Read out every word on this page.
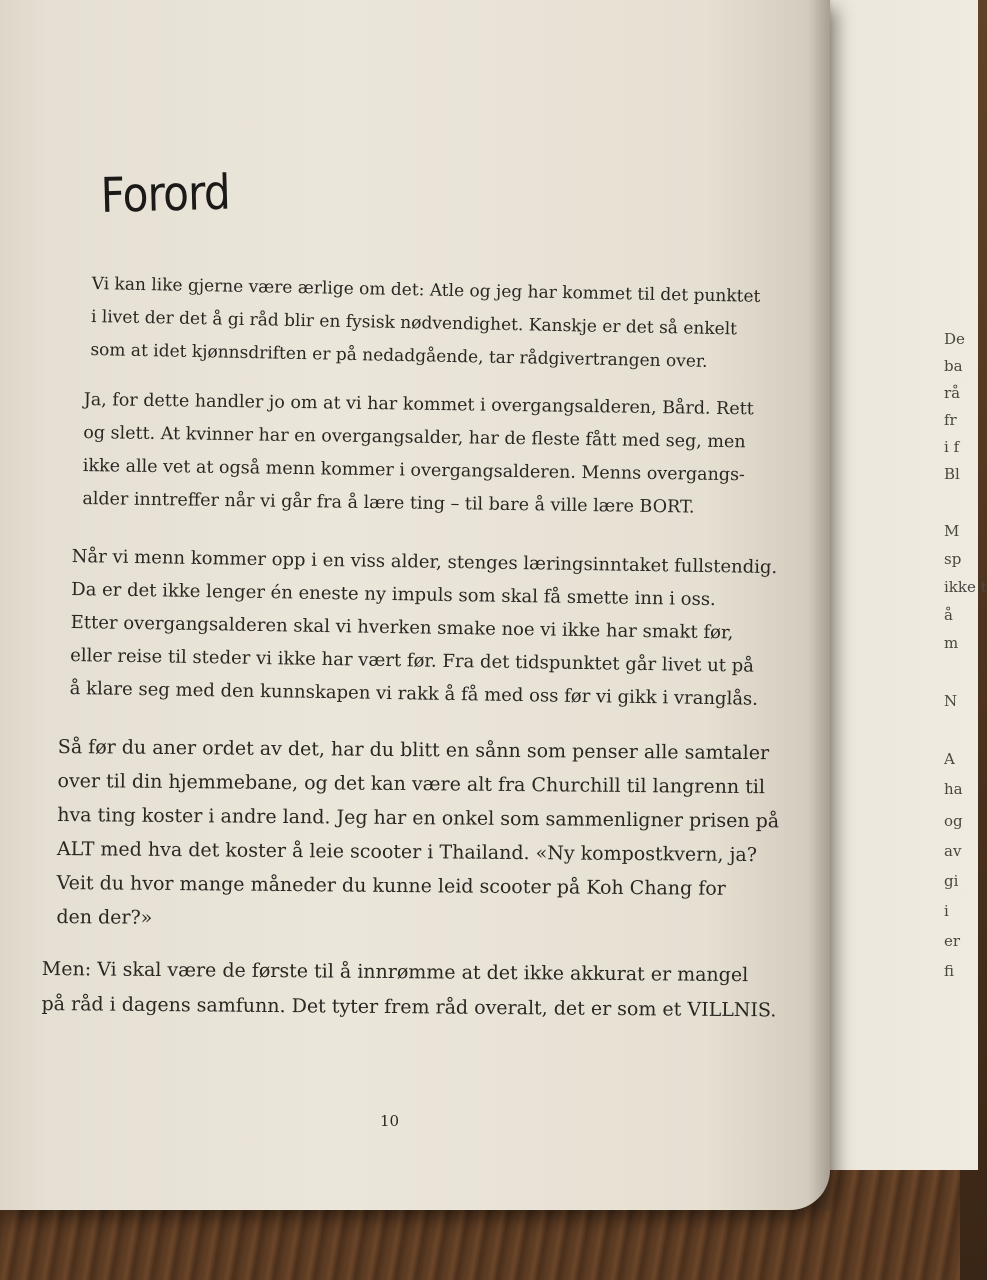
De

ba

rå

fr

i f

Bl

M

sp

ikke t

å

m

N

A

ha

og

av

gi

i

er

fi

Forord

Vi kan like gjerne være ærlige om det: Atle og jeg har kommet til det punktet
i livet der det å gi råd blir en fysisk nødvendighet. Kanskje er det så enkelt
som at idet kjønnsdriften er på nedadgående, tar rådgivertrangen over.

Ja, for dette handler jo om at vi har kommet i overgangsalderen, Bård. Rett
og slett. At kvinner har en overgangsalder, har de fleste fått med seg, men
ikke alle vet at også menn kommer i overgangsalderen. Menns overgangs-
alder inntreffer når vi går fra å lære ting – til bare å ville lære BORT.

Når vi menn kommer opp i en viss alder, stenges læringsinntaket fullstendig.
Da er det ikke lenger én eneste ny impuls som skal få smette inn i oss.
Etter overgangsalderen skal vi hverken smake noe vi ikke har smakt før,
eller reise til steder vi ikke har vært før. Fra det tidspunktet går livet ut på
å klare seg med den kunnskapen vi rakk å få med oss før vi gikk i vranglås.

Så før du aner ordet av det, har du blitt en sånn som penser alle samtaler
over til din hjemmebane, og det kan være alt fra Churchill til langrenn til
hva ting koster i andre land. Jeg har en onkel som sammenligner prisen på
ALT med hva det koster å leie scooter i Thailand. «Ny kompostkvern, ja?
Veit du hvor mange måneder du kunne leid scooter på Koh Chang for
den der?»

Men: Vi skal være de første til å innrømme at det ikke akkurat er mangel
på råd i dagens samfunn. Det tyter frem råd overalt, det er som et VILLNIS.

10
